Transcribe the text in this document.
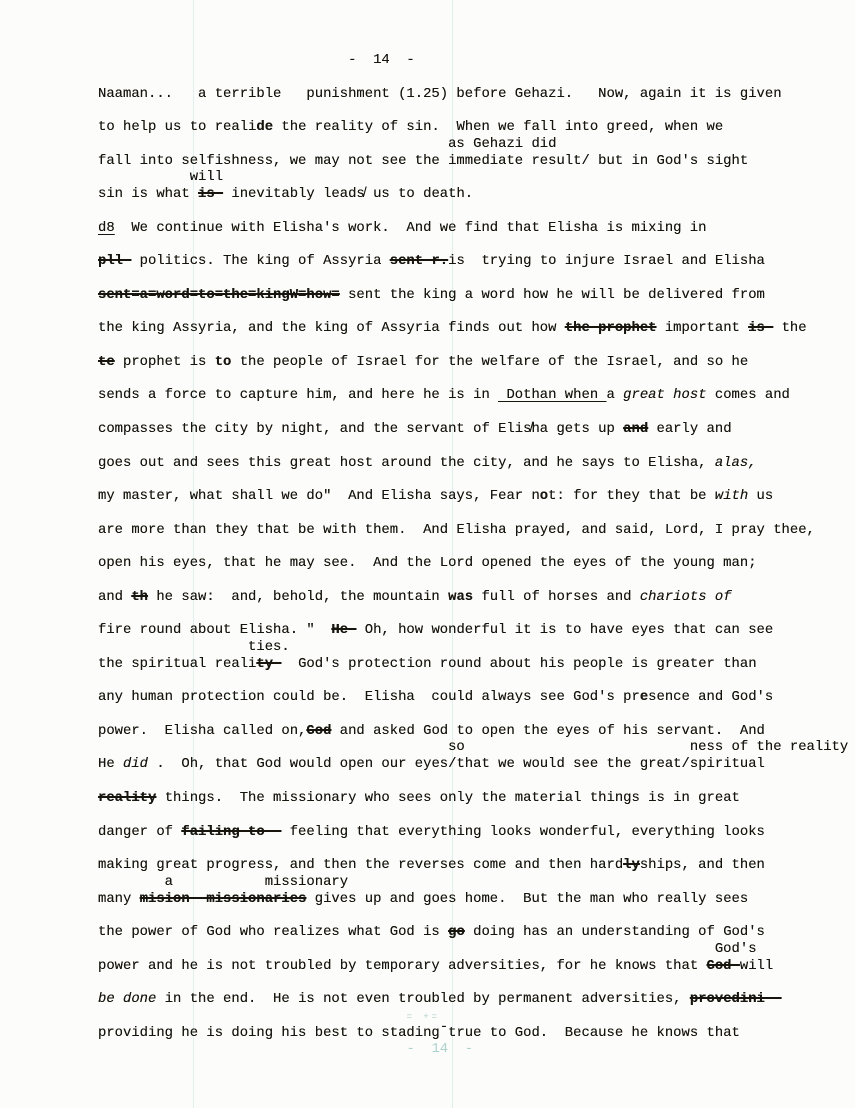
-  14  -
Naaman...   a terrible   punishment (1.25) before Gehazi.   Now, again it is given
to help us to realide the reality of sin.  When we fall into greed, when we
as Gehazi did
fall into selfishness, we may not see the immediate result/ but in God's sight
will
sin is what is- inevitably leads̸ us to death.
d8  We continue with Elisha's work.  And we find that Elisha is mixing in
pll- politics. The king of Assyria sent-r.is  trying to injure Israel and Elisha
sent=a=word=to=the=kingW=how= sent the king a word how he will be delivered from
the king Assyria, and the king of Assyria finds out how the-prophet important is- the
te prophet is to the people of Israel for the welfare of the Israel, and so he
sends a force to capture him, and here he is in  Dothan when a great host comes and
compasses the city by night, and the servant of Elis̸ha gets up and early and
goes out and sees this great host around the city, and he says to Elisha, alas,
my master, what shall we do"  And Elisha says, Fear not: for they that be with us
are more than they that be with them.  And Elisha prayed, and said, Lord, I pray thee,
open his eyes, that he may see.  And the Lord opened the eyes of the young man;
and th he saw:  and, behold, the mountain was full of horses and chariots of
fire round about Elisha. "  He- Oh, how wonderful it is to have eyes that can see
ties.
the spiritual reality-  God's protection round about his people is greater than
any human protection could be.  Elisha  could always see God's presence and God's
power.  Elisha called on,God and asked God to open the eyes of his servant.  And
so                           ness of the reality
He did .  Oh, that God would open our eyes/that we would see the great/spiritual
reality things.  The missionary who sees only the material things is in great
danger of failing-to-- feeling that everything looks wonderful, everything looks
making great progress, and then the reverses come and then hardlyships, and then
a           missionary
many mision--missionaries gives up and goes home.  But the man who really sees
the power of God who realizes what God is go doing has an understanding of God's
God's
power and he is not troubled by temporary adversities, for he knows that God-will
be done in the end.  He is not even troubled by permanent adversities, provedini--
= +=
providing he is doing his best to stading-true to God.  Because he knows that
-  14  -
